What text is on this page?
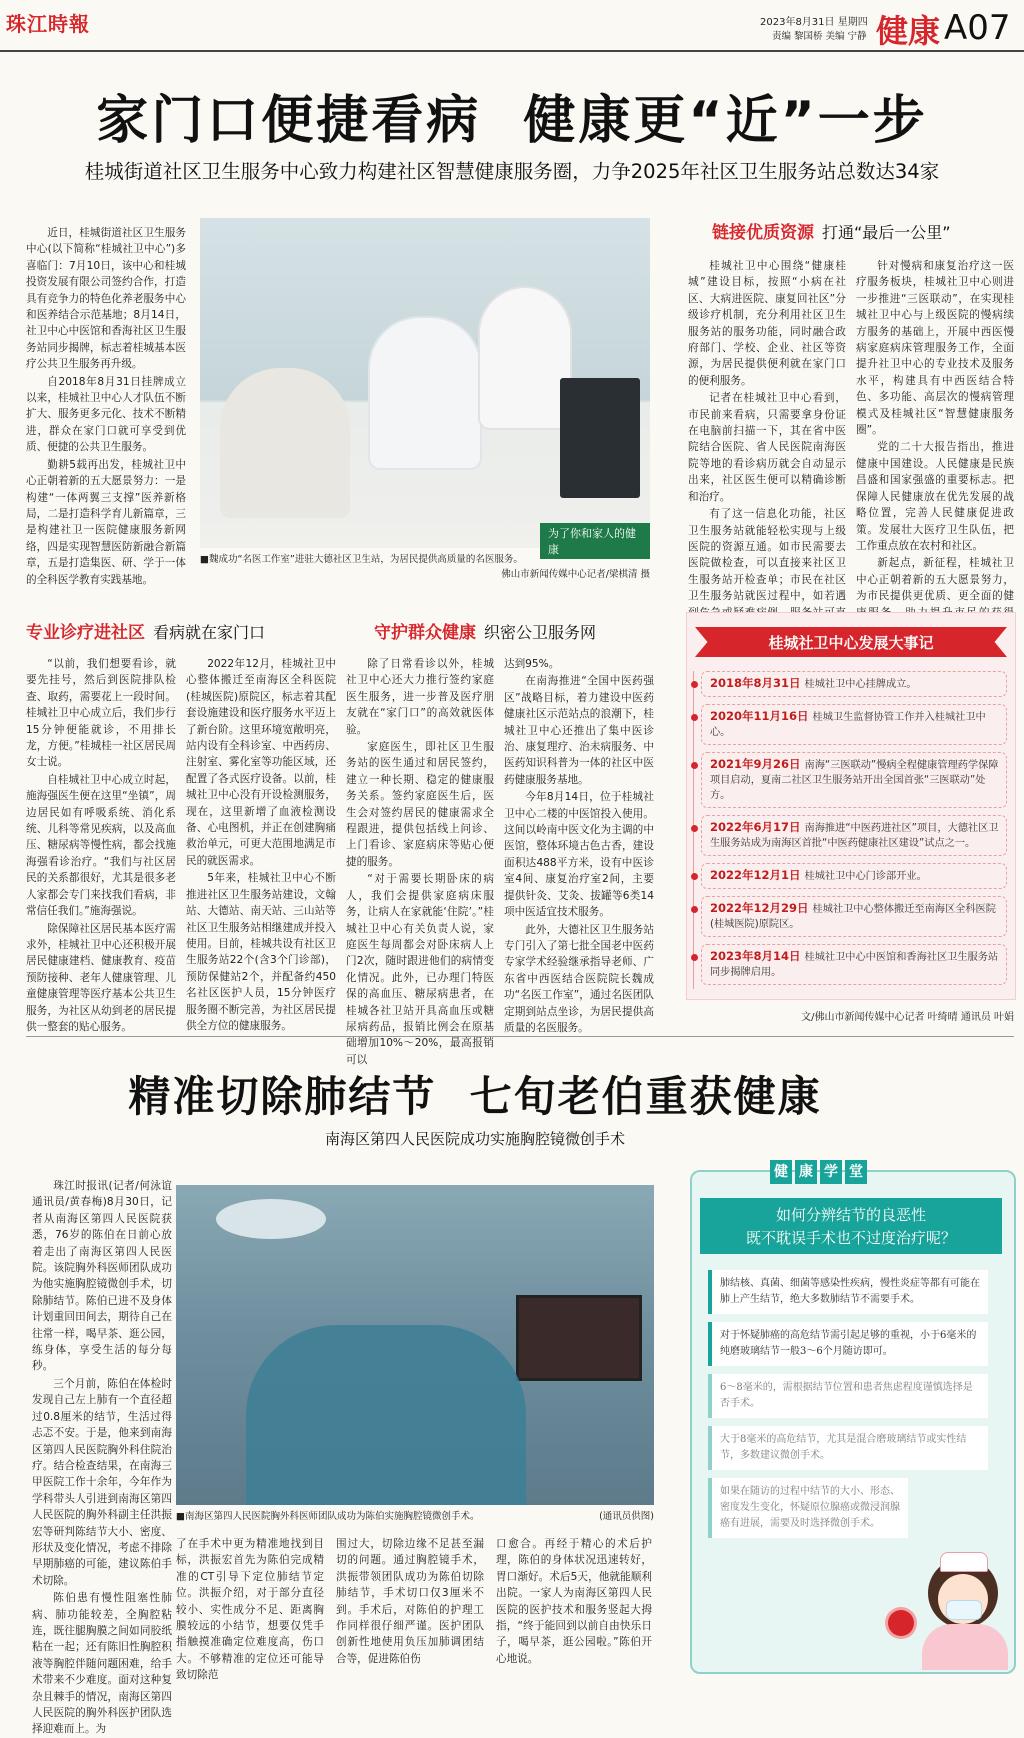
珠江時報	2023年8月31日 星期四
责编 黎国桥 美编 宁静 健康 A07
家门口便捷看病  健康更“近”一步
桂城街道社区卫生服务中心致力构建社区智慧健康服务圈，力争2025年社区卫生服务站总数达34家

近日，桂城街道社区卫生服务中心(以下简称“桂城社卫中心”)多喜临门：7月10日，该中心和桂城投资发展有限公司签约合作，打造具有竞争力的特色化养老服务中心和医养结合示范基地；8月14日，社卫中心中医馆和香海社区卫生服务站同步揭牌，标志着桂城基本医疗公共卫生服务再升级。

自2018年8月31日挂牌成立以来，桂城社卫中心人才队伍不断扩大、服务更多元化、技术不断精进，群众在家门口就可享受到优质、便捷的公共卫生服务。

勤耕5载再出发，桂城社卫中心正朝着新的五大愿景努力：一是构建“一体两翼三支撑”医养新格局，二是打造科学育儿新篇章，三是构建社卫一医院健康服务新网络，四是实现智慧医防新融合新篇章，五是打造集医、研、学于一体的全科医学教育实践基地。

为了你和家人的健康
■魏成功“名医工作室”进驻大德社区卫生站，为居民提供高质量的名医服务。
佛山市新闻传媒中心记者/梁棋清 摄
链接优质资源 打通“最后一公里”

桂城社卫中心围绕“健康桂城”建设目标，按照“小病在社区、大病进医院、康复回社区”分级诊疗机制，充分利用社区卫生服务站的服务功能，同时融合政府部门、学校、企业、社区等资源，为居民提供便利就在家门口的便利服务。

记者在桂城社卫中心看到，市民前来看病，只需要拿身份证在电脑前扫描一下，其在省中医院结合医院、省人民医院南海医院等地的看诊病历就会自动显示出来，社区医生便可以精确诊断和治疗。

有了这一信息化功能，社区卫生服务站就能轻松实现与上级医院的资源互通。如市民需要去医院做检查，可以直接来社区卫生服务站开检查单；市民在社区卫生服务站就医过程中，如若遇

针对慢病和康复治疗这一医疗服务板块，桂城社卫中心则进一步推进“三医联动”，在实现桂城社卫中心与上级医院的慢病续方服务的基础上，开展中西医慢病家庭病床管理服务工作，全面提升社卫中心的专业技术及服务水平，构建具有中西医结合特色、多功能、高层次的慢病管理模式及桂城社区“智慧健康服务圈”。

党的二十大报告指出，推进健康中国建设。人民健康是民族昌盛和国家强盛的重要标志。把保障人民健康放在优先发展的战略位置，完善人民健康促进政策。发展壮大医疗卫生队伍，把工作重点放在农村和社区。

新起点，新征程，桂城社卫中心正朝着新的五大愿景努力，为市民提供更优质、更全面的健

专业诊疗进社区 看病就在家门口

“以前，我们想要看诊，就要先挂号，然后到医院排队检查、取药，需要花上一段时间。桂城社卫中心成立后，我们步行15分钟便能就诊，不用排长龙，方便。”桂城桂一社区居民周女士说。

自桂城社卫中心成立时起，施海强医生便在这里“坐镇”，周边居民如有呼吸系统、消化系统、儿科等常见疾病，以及高血压、糖尿病等慢性病，都会找施海强看诊治疗。“我们与社区居民的关系都很好，尤其是很多老人家都会专门来找我们看病，非常信任我们。”施海强说。

除保障社区居民基本医疗需求外，桂城社卫中心还积极开展居民健康建档、健康教育、疫苗预防接种、老年人健康管理、儿童健康管理等医疗基本公共卫生服务，为社区从幼到老的居民提供一整套的贴心服务。

2022年12月，桂城社卫中心整体搬迁至南海区全科医院(桂城医院)原院区，标志着其配套设施建设和医疗服务水平迈上了新台阶。这里环境宽敞明亮，站内设有全科诊室、中西药房、注射室、雾化室等功能区域，还配置了各式医疗设备。以前，桂城社卫中心没有开设检测服务，现在，这里新增了血液检测设备、心电图机，并正在创建胸痛救治单元，可更大范围地满足市民的就医需求。

5年来，桂城社卫中心不断推进社区卫生服务站建设，文翰站、大德站、南天站、三山站等社区卫生服务站相继建成并投入使用。目前，桂城共设有社区卫生服务站22个(含3个门诊部)，预防保健站2个，并配备约450名社区医护人员，15分钟医疗服务圈不断完善，为社区居民提供全方位的健康服务。

守护群众健康 织密公卫服务网

除了日常看诊以外，桂城社卫中心还大力推行签约家庭医生服务，进一步普及医疗朋友就在“家门口”的高效就医体验。

家庭医生，即社区卫生服务站的医生通过和居民签约，建立一种长期、稳定的健康服务关系。签约家庭医生后，医生会对签约居民的健康需求全程跟进，提供包括线上问诊、上门看诊、家庭病床等贴心便捷的服务。

“对于需要长期卧床的病人，我们会提供家庭病床服务，让病人在家就能‘住院’。”桂城社卫中心有关负责人说，家庭医生每周都会对卧床病人上门2次，随时跟进他们的病情变化情况。此外，已办理门特医保的高血压、糖尿病患者，在桂城各社卫站开具高血压或糖尿病药品，报销比例会在原基础增加10%～20%，最高报销可以

达到95%。

在南海推进“全国中医药强区”战略目标，着力建设中医药健康社区示范站点的浪潮下，桂城社卫中心还推出了集中医诊治、康复理疗、治未病服务、中医药知识科普为一体的社区中医药健康服务基地。

今年8月14日，位于桂城社卫中心二楼的中医馆投入使用。这间以岭南中医文化为主调的中医馆，整体环境古色古香，建设面积达488平方米，设有中医诊室4间、康复治疗室2间，主要提供针灸、艾灸、拔罐等6类14项中医适宜技术服务。

此外，大德社区卫生服务站专门引入了第七批全国老中医药专家学术经验继承指导老师、广东省中西医结合医院院长魏成功“名医工作室”，通过名医团队定期到站点坐诊，为居民提供高质量的名医服务。

桂城社卫中心发展大事记
2018年8月31日 桂城社卫中心挂牌成立。
2020年11月16日 桂城卫生监督协管工作并入桂城社卫中心。
2021年9月26日 南海“三医联动”慢病全程健康管理药学保障项目启动，夏南二社区卫生服务站开出全国首张“三医联动”处方。
2022年6月17日 南海推进“中医药进社区”项目，大德社区卫生服务站成为南海区首批“中医药健康社区建设”试点之一。
2022年12月1日 桂城社卫中心门诊部开业。
2022年12月29日 桂城社卫中心整体搬迁至南海区全科医院(桂城医院)原院区。
2023年8月14日 桂城社卫中心中医馆和香海社区卫生服务站同步揭牌启用。
文/佛山市新闻传媒中心记者 叶绮晴 通讯员 叶娟
精准切除肺结节  七旬老伯重获健康
南海区第四人民医院成功实施胸腔镜微创手术

珠江时报讯(记者/何泳谊 通讯员/黄春梅)8月30日，记者从南海区第四人民医院获悉，76岁的陈伯在日前心放着走出了南海区第四人民医院。该院胸外科医师团队成功为他实施胸腔镜微创手术，切除肺结节。陈伯已进不及身体计划重回田间去，期待自己在往常一样，喝早茶、逛公园，练身体，享受生活的每分每秒。

三个月前，陈伯在体检时发现自己左上肺有一个直径超过0.8厘米的结节，生活过得忐忑不安。于是，他来到南海区第四人民医院胸外科住院治疗。结合检查结果，在南海三甲医院工作十余年，今年作为学科带头人引进到南海区第四人民医院的胸外科副主任洪振宏等研判陈结节大小、密度、形状及变化情况，考虑不排除早期肺癌的可能，建议陈伯手术切除。

陈伯患有慢性阻塞性肺病、肺功能较差，全胸腔粘连，既往腿胸膜之间如同胶纸粘在一起；还有陈旧性胸腔积液等胸腔伴随问题困难，给手术带来不少难度。面对这种复杂且棘手的情况，南海区第四人民医院的胸外科医护团队选择迎难而上。为

■南海区第四人民医院胸外科医师团队成功为陈伯实施胸腔镜微创手术。	(通讯员供图)

了在手术中更为精准地找到目标，洪振宏首先为陈伯完成精准的CT引导下定位肺结节定位。洪振介绍，对于部分直径较小、实性成分不足、距离胸膜较远的小结节，想要仅凭手指触摸准确定位难度高，伤口大。不够精准的定位还可能导致切除范

围过大，切除边缘不足甚至漏切的问题。通过胸腔镜手术，洪振带领团队成功为陈伯切除肺结节，手术切口仅3厘米不到。手术后，对陈伯的护理工作同样很仔细严谨。医护团队创新性地使用负压加肺调团结合等，促进陈伯伤

口愈合。再经于精心的术后护理，陈伯的身体状况迅速转好，胃口渐好。术后5天，他就能顺利出院。一家人为南海区第四人民医院的医护技术和服务竖起大拇指，“终于能回到以前自由快乐日子，喝早茶，逛公园啦。”陈伯开心地说。

健 康 学 堂
如何分辨结节的良恶性
既不耽误手术也不过度治疗呢？
肺结核、真菌、细菌等感染性疾病，慢性炎症等都有可能在肺上产生结节，绝大多数肺结节不需要手术。
对于怀疑肺癌的高危结节需引起足够的重视，小于6毫米的纯磨玻璃结节一般3～6个月随访即可。
6～8毫米的，需根据结节位置和患者焦虑程度谨慎选择是否手术。
大于8毫米的高危结节，尤其是混合磨玻璃结节或实性结节，多数建议微创手术。
如果在随访的过程中结节的大小、形态、密度发生变化，怀疑原位腺癌或微浸润腺癌有进展，需要及时选择微创手术。
